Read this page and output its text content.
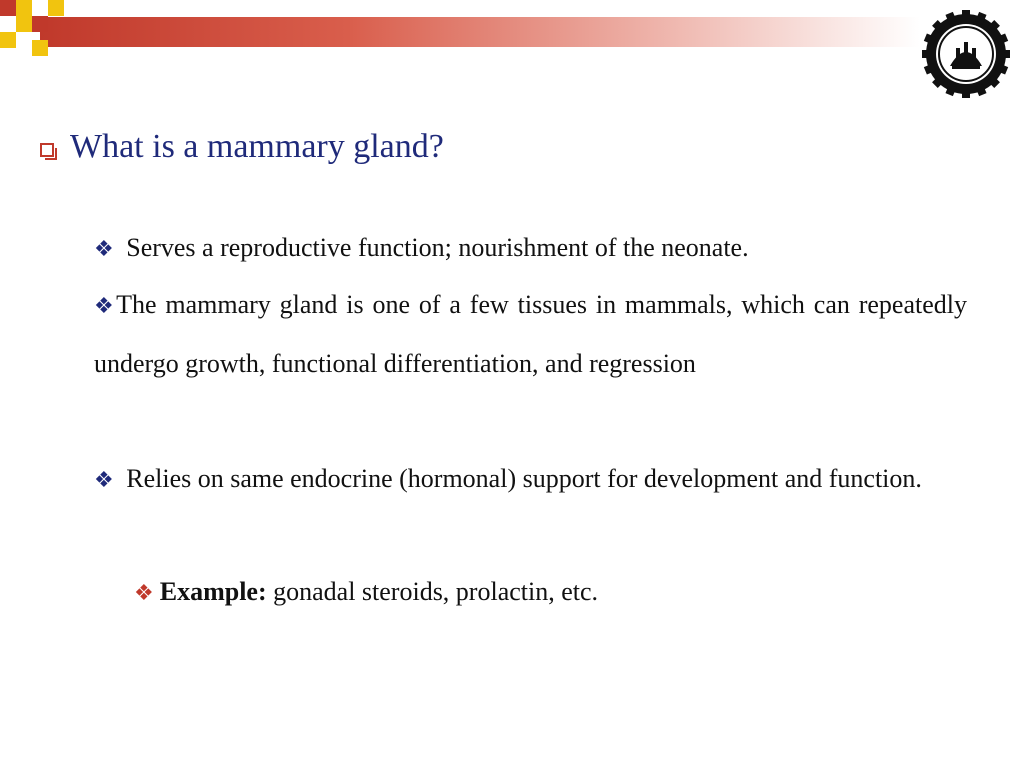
What is a mammary gland?
❖ Serves a reproductive function; nourishment of the neonate.
❖The mammary gland is one of a few tissues in mammals, which can repeatedly undergo growth, functional differentiation, and regression
❖ Relies on same endocrine (hormonal) support for development and function.
❖ Example: gonadal steroids, prolactin, etc.
